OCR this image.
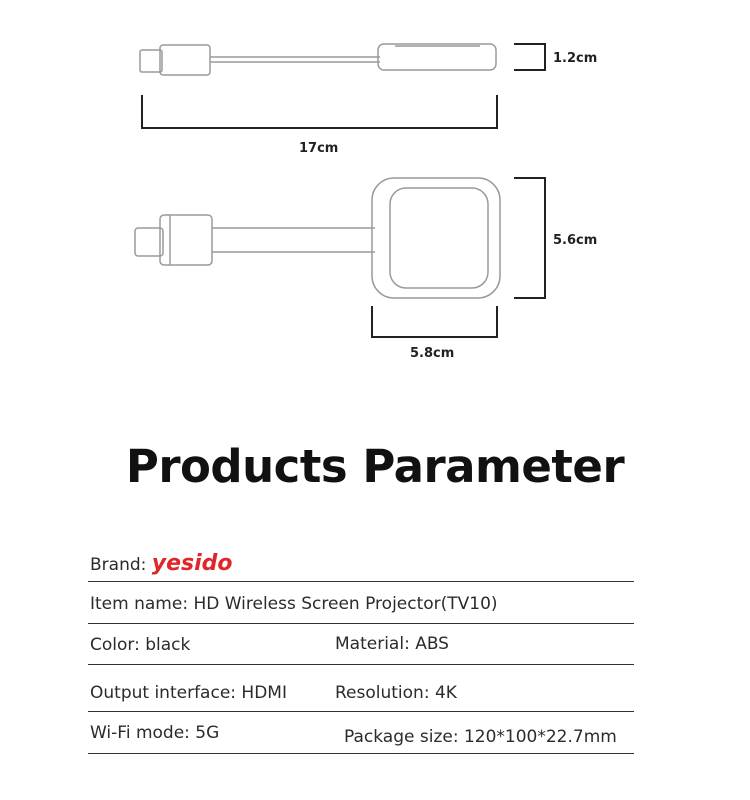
1.2cm
17cm
5.6cm
5.8cm
Products Parameter
Brand: yesido
Item name: HD Wireless Screen Projector(TV10)
Color: black	Material: ABS
Output interface: HDMI	Resolution: 4K
Wi-Fi mode: 5G	Package size: 120*100*22.7mm
